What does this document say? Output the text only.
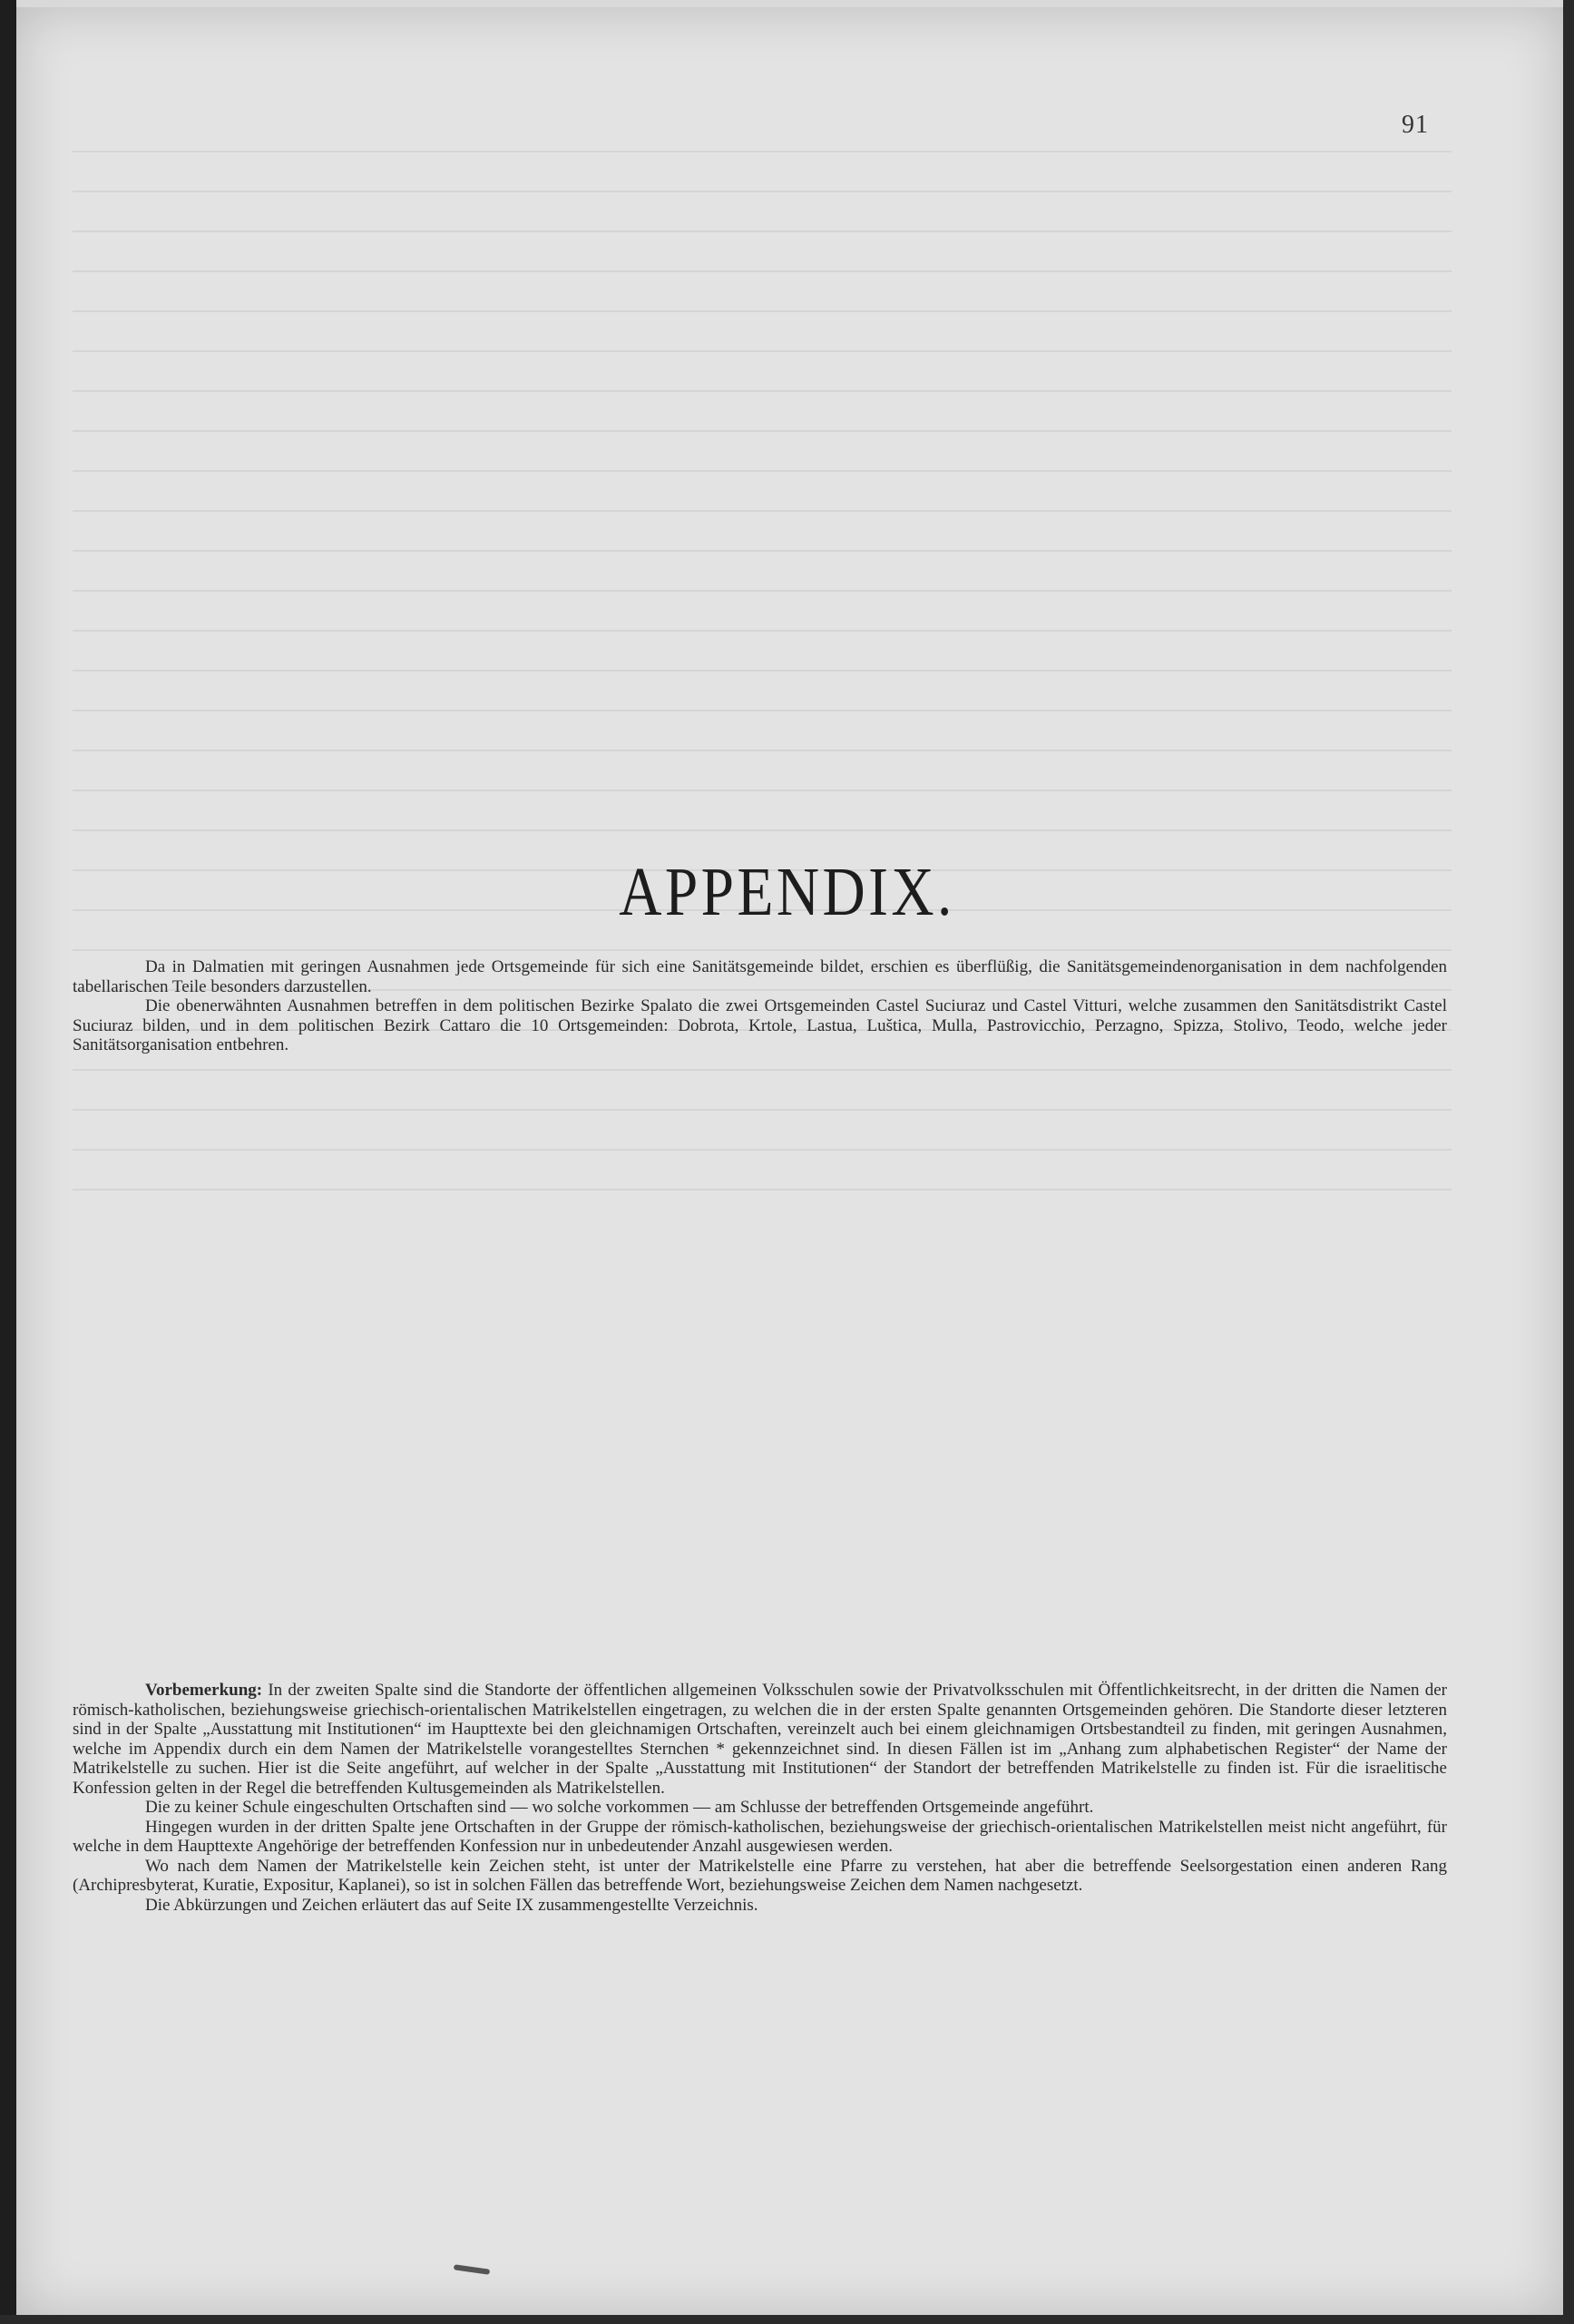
91
APPENDIX.

Da in Dalmatien mit geringen Ausnahmen jede Ortsgemeinde für sich eine Sanitätsgemeinde bildet, erschien es überflüßig, die Sanitätsgemeindenorganisation in dem nachfolgenden tabellarischen Teile besonders darzustellen.

Die obenerwähnten Ausnahmen betreffen in dem politischen Bezirke Spalato die zwei Ortsgemeinden Castel Suciuraz und Castel Vitturi, welche zusammen den Sanitätsdistrikt Castel Suciuraz bilden, und in dem politischen Bezirk Cattaro die 10 Ortsgemeinden: Dobrota, Krtole, Lastua, Luštica, Mulla, Pastrovicchio, Perzagno, Spizza, Stolivo, Teodo, welche jeder Sanitätsorganisation entbehren.

Vorbemerkung: In der zweiten Spalte sind die Standorte der öffentlichen allgemeinen Volksschulen sowie der Privatvolksschulen mit Öffentlichkeitsrecht, in der dritten die Namen der römisch-katholischen, beziehungsweise griechisch-orientalischen Matrikelstellen eingetragen, zu welchen die in der ersten Spalte genannten Ortsgemeinden gehören. Die Standorte dieser letzteren sind in der Spalte „Ausstattung mit Institutionen“ im Haupttexte bei den gleichnamigen Ortschaften, vereinzelt auch bei einem gleichnamigen Ortsbestandteil zu finden, mit geringen Ausnahmen, welche im Appendix durch ein dem Namen der Matrikelstelle vorangestelltes Sternchen * gekennzeichnet sind. In diesen Fällen ist im „Anhang zum alphabetischen Register“ der Name der Matrikelstelle zu suchen. Hier ist die Seite angeführt, auf welcher in der Spalte „Ausstattung mit Institutionen“ der Standort der betreffenden Matrikelstelle zu finden ist. Für die israelitische Konfession gelten in der Regel die betreffenden Kultusgemeinden als Matrikelstellen.

Die zu keiner Schule eingeschulten Ortschaften sind — wo solche vorkommen — am Schlusse der betreffenden Ortsgemeinde angeführt.

Hingegen wurden in der dritten Spalte jene Ortschaften in der Gruppe der römisch-katholischen, beziehungsweise der griechisch-orientalischen Matrikelstellen meist nicht angeführt, für welche in dem Haupttexte Angehörige der betreffenden Konfession nur in unbedeutender Anzahl ausgewiesen werden.

Wo nach dem Namen der Matrikelstelle kein Zeichen steht, ist unter der Matrikelstelle eine Pfarre zu verstehen, hat aber die betreffende Seelsorgestation einen anderen Rang (Archipresbyterat, Kuratie, Expositur, Kaplanei), so ist in solchen Fällen das betreffende Wort, beziehungsweise Zeichen dem Namen nachgesetzt.

Die Abkürzungen und Zeichen erläutert das auf Seite IX zusammengestellte Verzeichnis.
